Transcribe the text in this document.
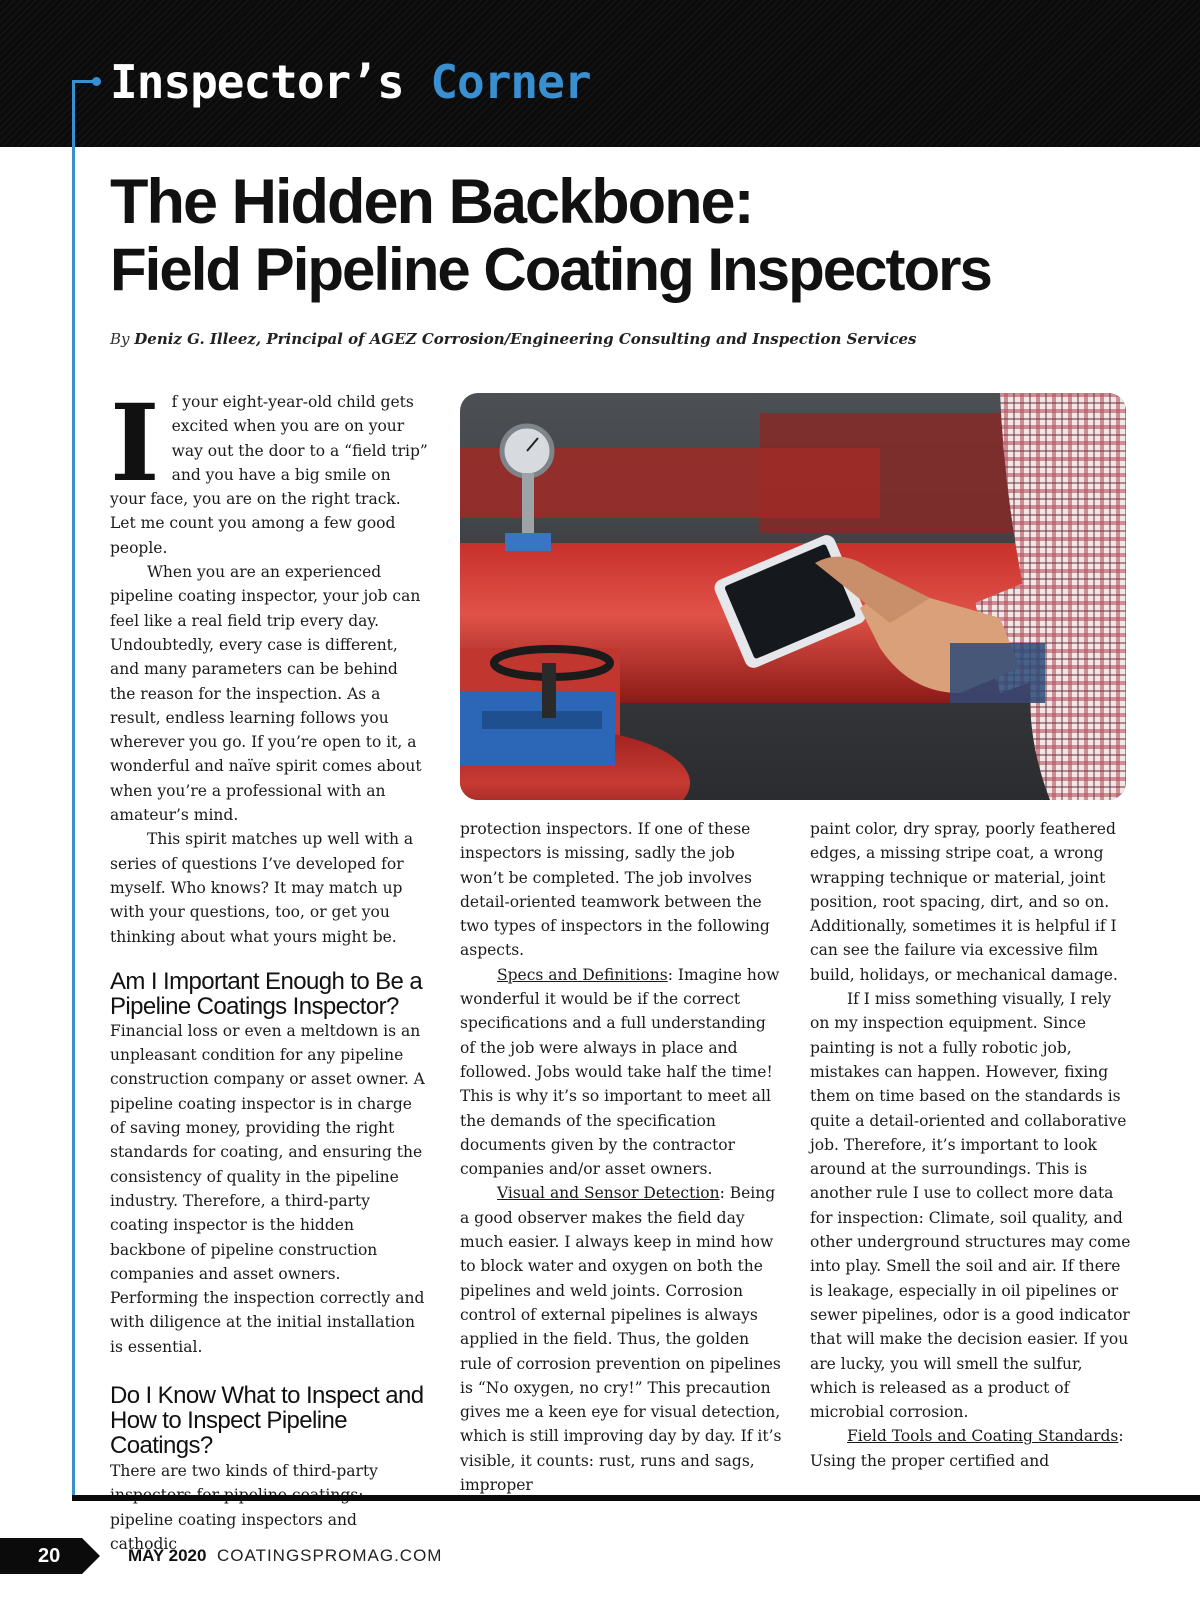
Inspector’s Corner
The Hidden Backbone:
Field Pipeline Coating Inspectors

By Deniz G. Illeez, Principal of AGEZ Corrosion/Engineering Consulting and Inspection Services

If your eight-year-old child gets excited when you are on your way out the door to a “field trip” and you have a big smile on your face, you are on the right track. Let me count you among a few good people.

When you are an experienced pipeline coating inspector, your job can feel like a real field trip every day. Undoubtedly, every case is different, and many parameters can be behind the reason for the inspection. As a result, endless learning follows you wherever you go. If you’re open to it, a wonderful and naïve spirit comes about when you’re a professional with an amateur’s mind.

This spirit matches up well with a series of questions I’ve developed for myself. Who knows? It may match up with your questions, too, or get you thinking about what yours might be.

Am I Important Enough to Be a Pipeline Coatings Inspector?

Financial loss or even a meltdown is an unpleasant condition for any pipeline construction company or asset owner. A pipeline coating inspector is in charge of saving money, providing the right standards for coating, and ensuring the consistency of quality in the pipeline industry. Therefore, a third-party coating inspector is the hidden backbone of pipeline construction companies and asset owners. Performing the inspection correctly and with diligence at the initial installation is essential.

Do I Know What to Inspect and How to Inspect Pipeline Coatings?

There are two kinds of third-party pipeline coating inspectors and cathodic

protection inspectors. If one of these inspectors is missing, sadly the job won’t be completed. The job involves detail-oriented teamwork between the two types of inspectors in the following aspects.

Specs and Definitions: Imagine how wonderful it would be if the correct specifications and a full understanding of the job were always in place and followed. Jobs would take half the time! This is why it’s so important to meet all the demands of the specification documents given by the contractor companies and/or asset owners.

Visual and Sensor Detection: Being a good observer makes the field day much easier. I always keep in mind how to block water and oxygen on both the pipelines and weld joints. Corrosion control of external pipelines is always applied in the field. Thus, the golden rule of corrosion prevention on pipelines is “No oxygen, no cry!” This precaution gives me a keen eye for visual detection, which is still improving day by day. If it’s visible, it counts: rust, runs and sags, improper

paint color, dry spray, poorly feathered edges, a missing stripe coat, a wrong wrapping technique or material, joint position, root spacing, dirt, and so on. Additionally, sometimes it is helpful if I can see the failure via excessive film build, holidays, or mechanical damage.

If I miss something visually, I rely on my inspection equipment. Since painting is not a fully robotic job, mistakes can happen. However, fixing them on time based on the standards is quite a detail-oriented and collaborative job. Therefore, it’s important to look around at the surroundings. This is another rule I use to collect more data for inspection: Climate, soil quality, and other underground structures may come into play. Smell the soil and air. If there is leakage, especially in oil pipelines or sewer pipelines, odor is a good indicator that will make the decision easier. If you are lucky, you will smell the sulfur, which is released as a product of microbial corrosion.

Field Tools and Coating Standards: Using the proper certified and

20	MAY 2020 COATINGSPROMAG.COM
